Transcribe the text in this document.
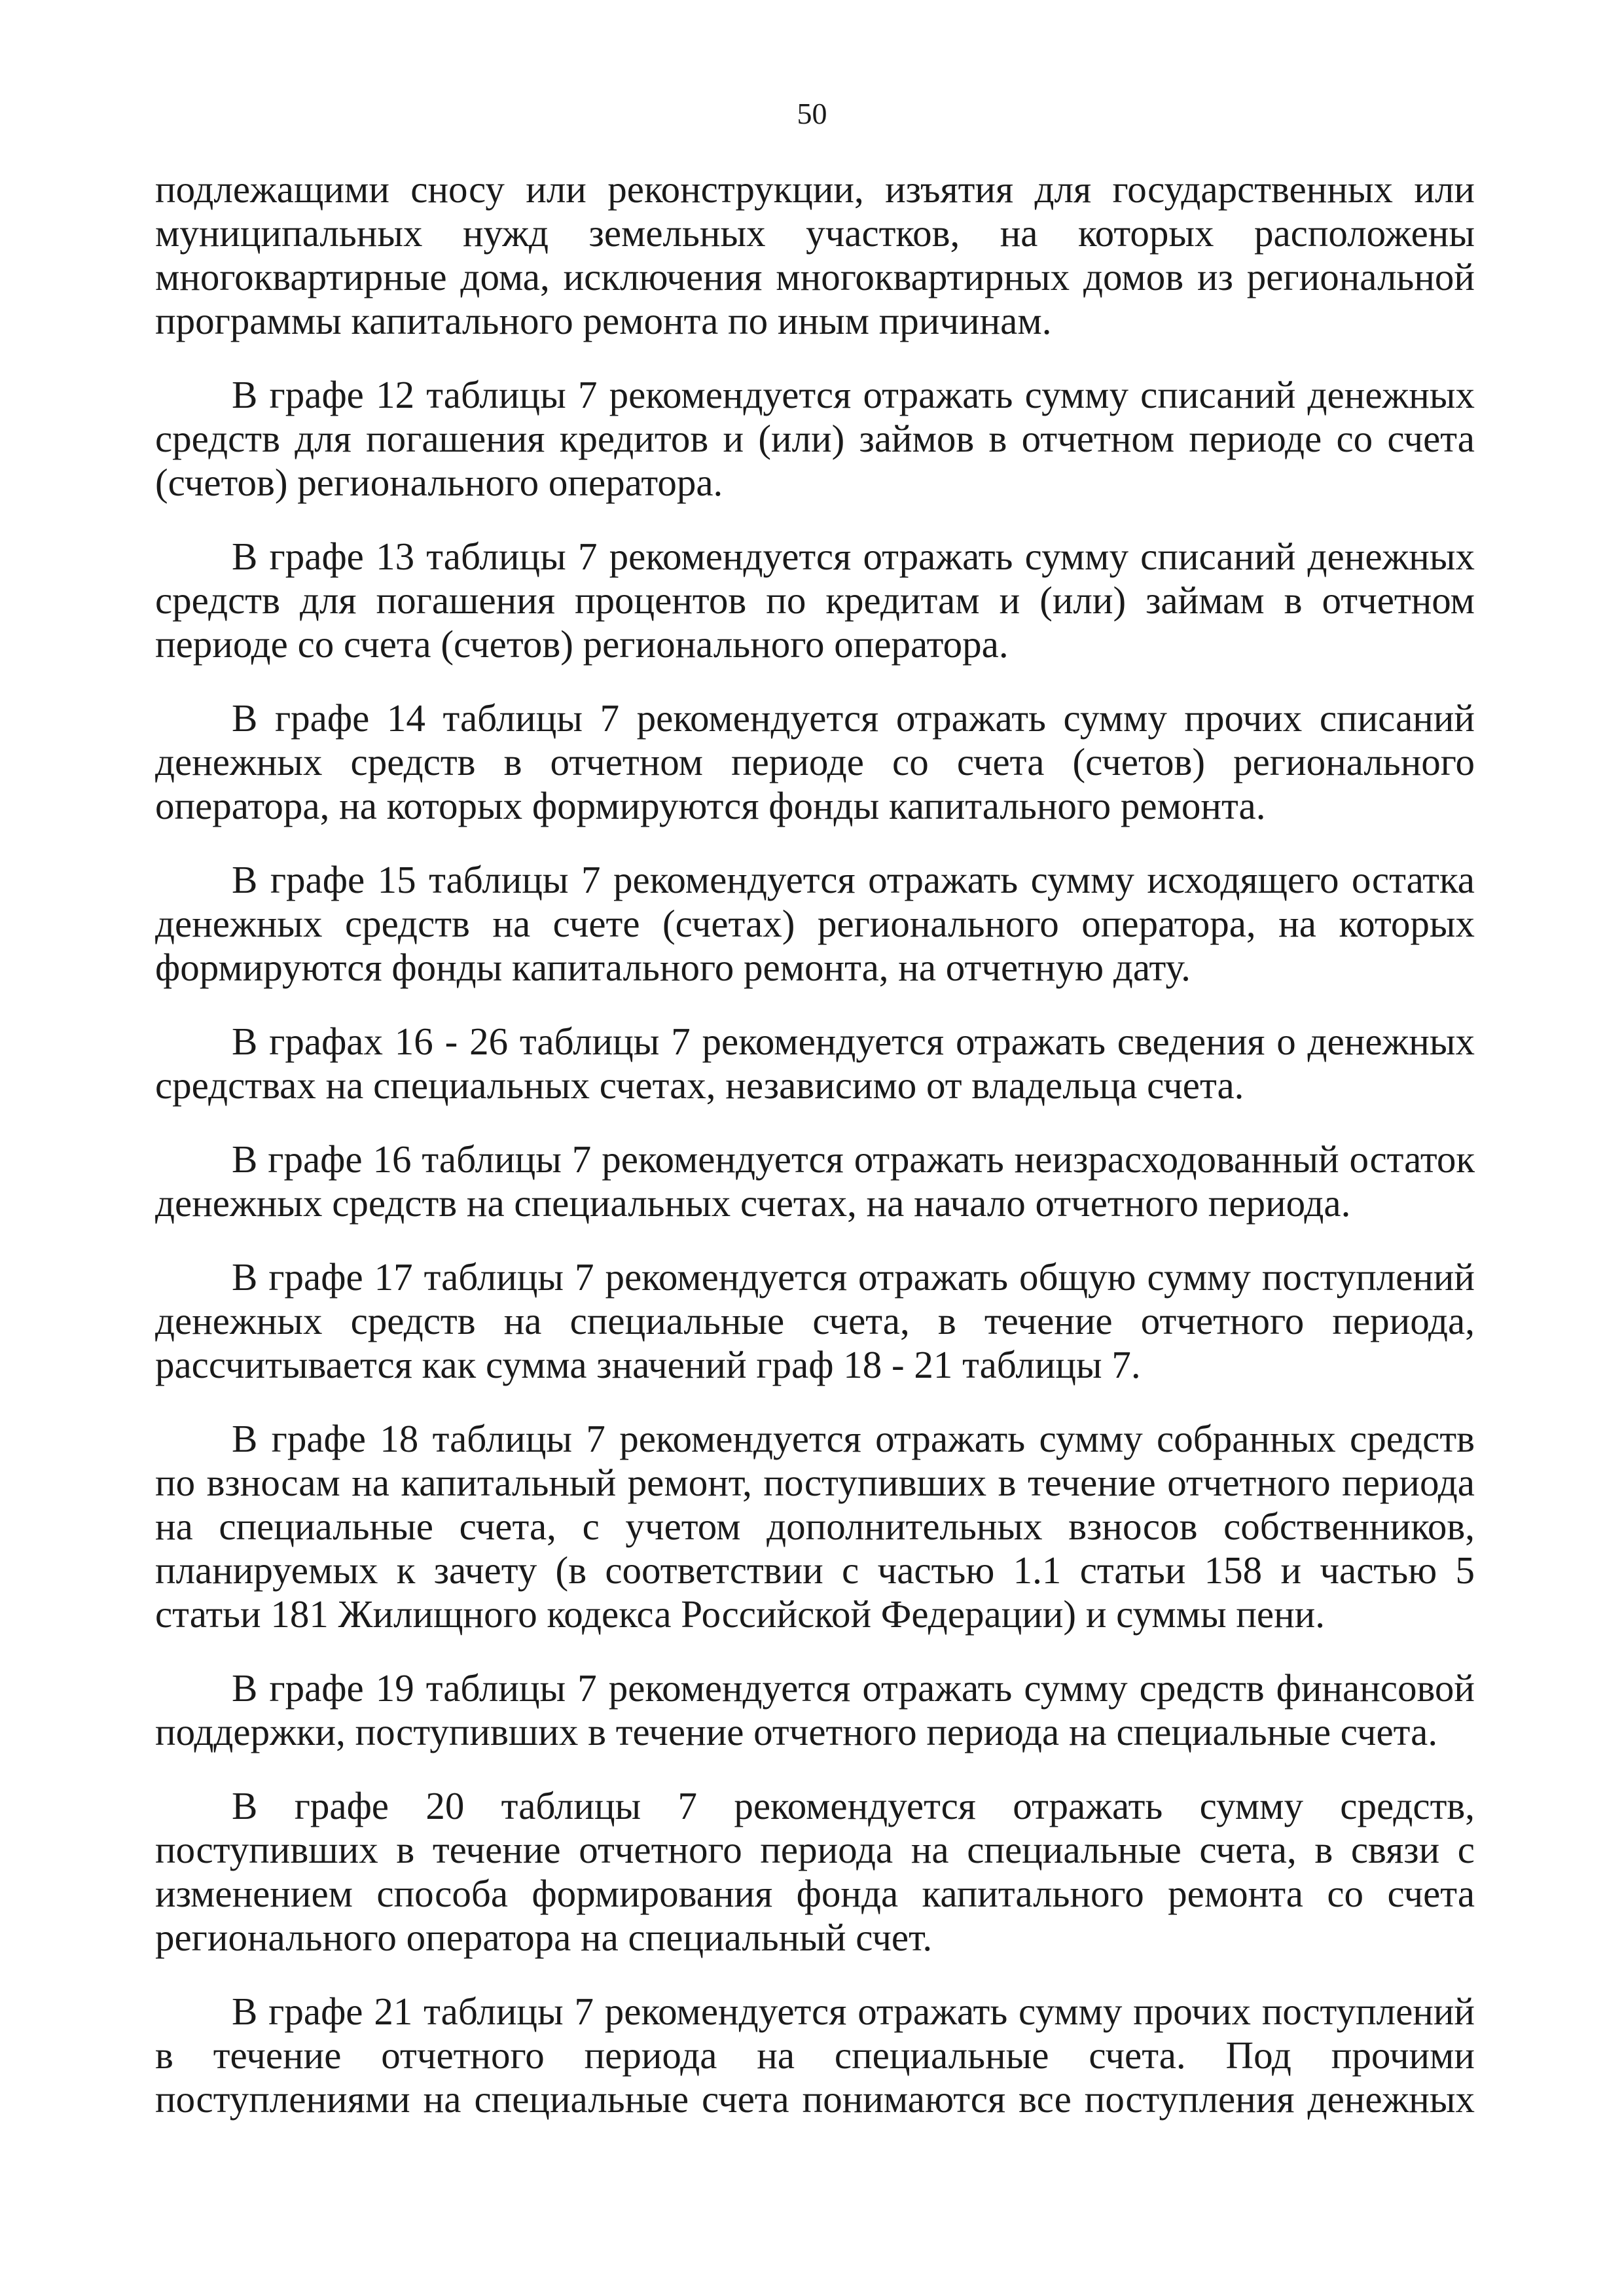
50

подлежащими сносу или реконструкции, изъятия для государственных или муниципальных нужд земельных участков, на которых расположены многоквартирные дома, исключения многоквартирных домов из региональной программы капитального ремонта по иным причинам.

В графе 12 таблицы 7 рекомендуется отражать сумму списаний денежных средств для погашения кредитов и (или) займов в отчетном периоде со счета (счетов) регионального оператора.

В графе 13 таблицы 7 рекомендуется отражать сумму списаний денежных средств для погашения процентов по кредитам и (или) займам в отчетном периоде со счета (счетов) регионального оператора.

В графе 14 таблицы 7 рекомендуется отражать сумму прочих списаний денежных средств в отчетном периоде со счета (счетов) регионального оператора, на которых формируются фонды капитального ремонта.

В графе 15 таблицы 7 рекомендуется отражать сумму исходящего остатка денежных средств на счете (счетах) регионального оператора, на которых формируются фонды капитального ремонта, на отчетную дату.

В графах 16 - 26 таблицы 7 рекомендуется отражать сведения о денежных средствах на специальных счетах, независимо от владельца счета.

В графе 16 таблицы 7 рекомендуется отражать неизрасходованный остаток денежных средств на специальных счетах, на начало отчетного периода.

В графе 17 таблицы 7 рекомендуется отражать общую сумму поступлений денежных средств на специальные счета, в течение отчетного периода, рассчитывается как сумма значений граф 18 - 21 таблицы 7.

В графе 18 таблицы 7 рекомендуется отражать сумму собранных средств по взносам на капитальный ремонт, поступивших в течение отчетного периода на специальные счета, с учетом дополнительных взносов собственников, планируемых к зачету (в соответствии с частью 1.1 статьи 158 и частью 5 статьи 181 Жилищного кодекса Российской Федерации) и суммы пени.

В графе 19 таблицы 7 рекомендуется отражать сумму средств финансовой поддержки, поступивших в течение отчетного периода на специальные счета.

В графе 20 таблицы 7 рекомендуется отражать сумму средств, поступивших в течение отчетного периода на специальные счета, в связи с изменением способа формирования фонда капитального ремонта со счета регионального оператора на специальный счет.

В графе 21 таблицы 7 рекомендуется отражать сумму прочих поступлений в течение отчетного периода на специальные счета. Под прочими поступлениями на специальные счета понимаются все поступления денежных
